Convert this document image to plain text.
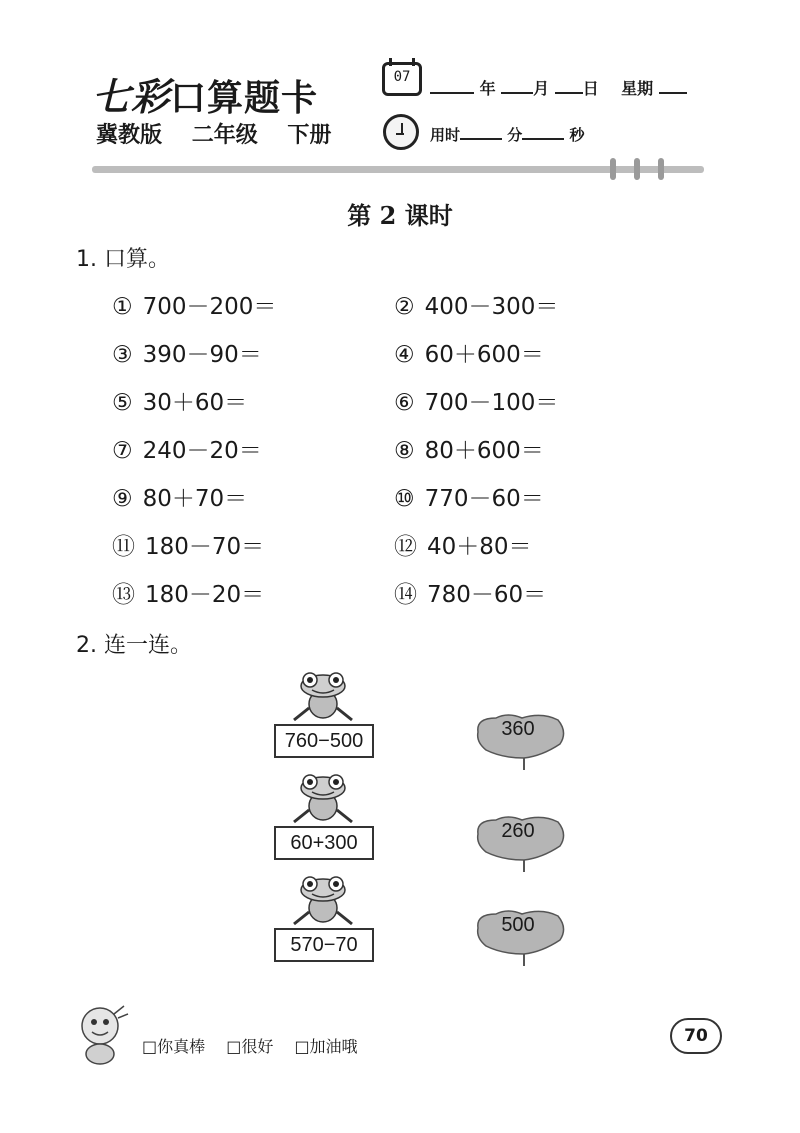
七彩口算题卡
冀教版 二年级 下册
07
年 月 日 星期
用时	分	秒
第 2 课时
1. 口算。
① 700－200＝	② 400－300＝
③ 390－90＝	④ 60＋600＝
⑤ 30＋60＝	⑥ 700－100＝
⑦ 240－20＝	⑧ 80＋600＝
⑨ 80＋70＝	⑩ 770－60＝
⑪ 180－70＝	⑫ 40＋80＝
⑬ 180－20＝	⑭ 780－60＝
2. 连一连。
760−500
60+300
570−70
360
260
500
□你真棒 □很好 □加油哦
70
